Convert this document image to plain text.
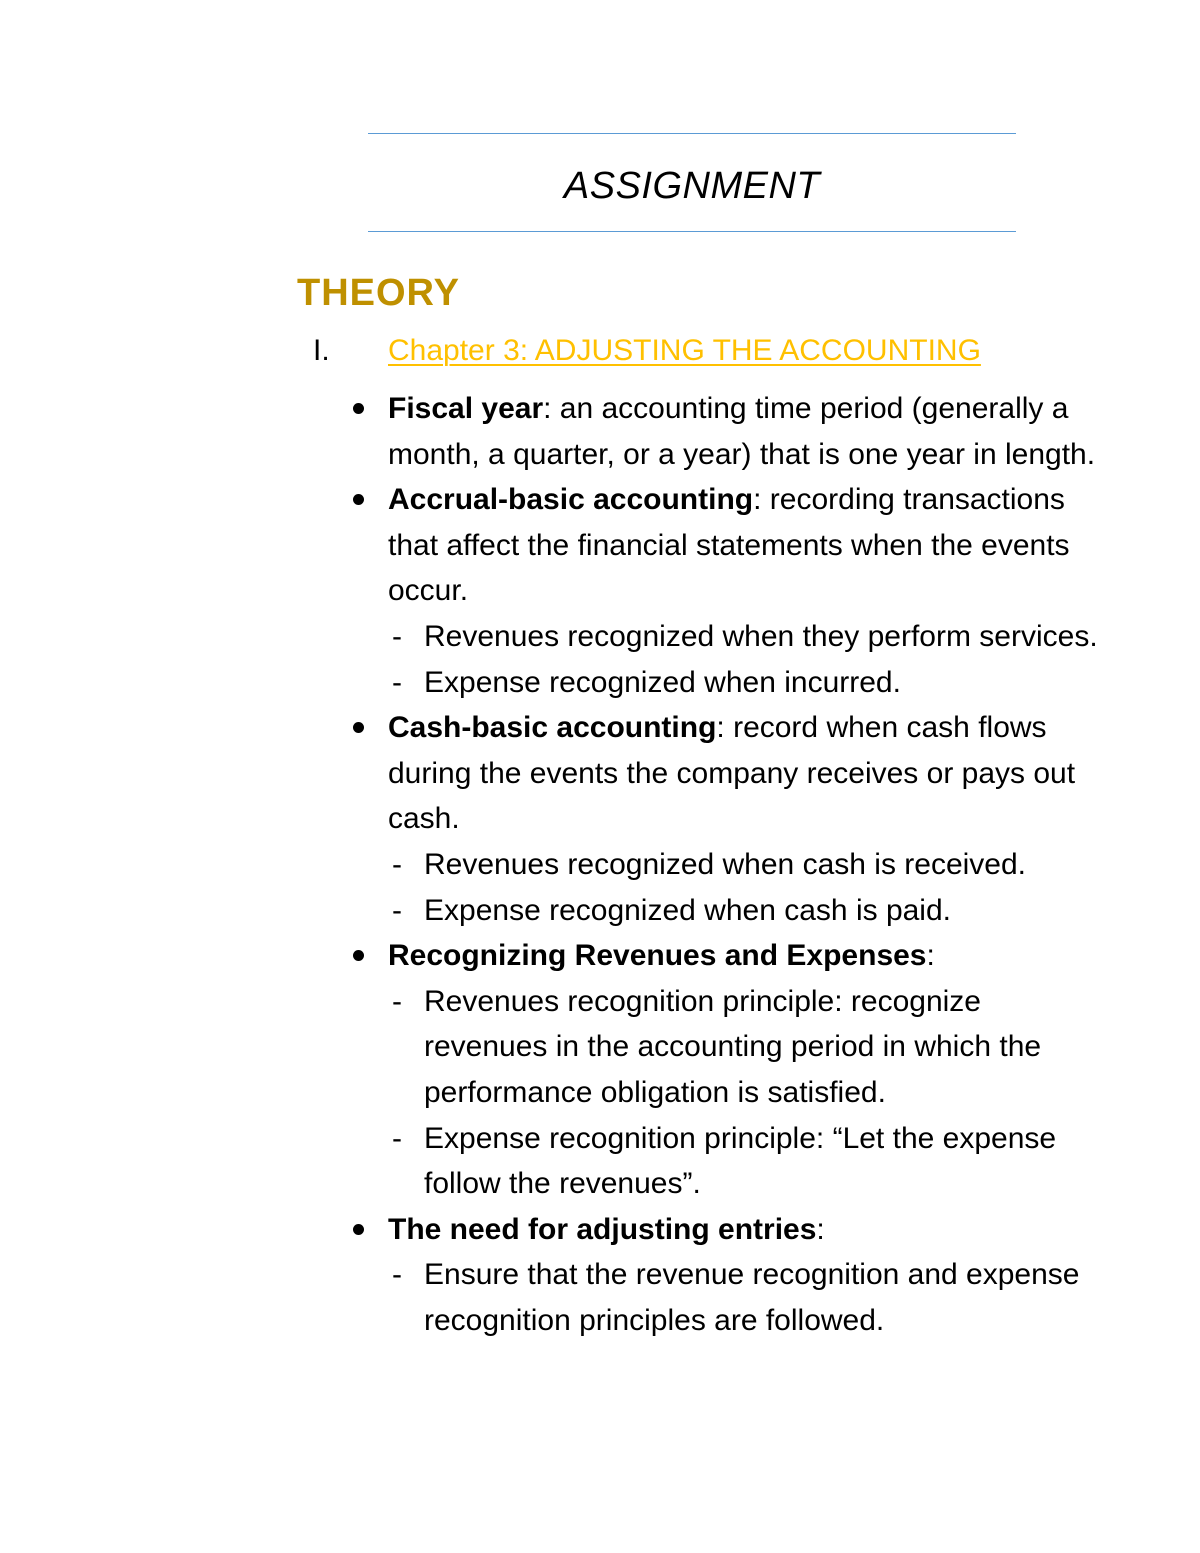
ASSIGNMENT
THEORY
I. Chapter 3: ADJUSTING THE ACCOUNTING
Fiscal year: an accounting time period (generally a month, a quarter, or a year) that is one year in length.
Accrual-basic accounting: recording transactions that affect the financial statements when the events occur.
- Revenues recognized when they perform services.
- Expense recognized when incurred.
Cash-basic accounting: record when cash flows during the events the company receives or pays out cash.
- Revenues recognized when cash is received.
- Expense recognized when cash is paid.
Recognizing Revenues and Expenses:
- Revenues recognition principle: recognize revenues in the accounting period in which the performance obligation is satisfied.
- Expense recognition principle: “Let the expense follow the revenues”.
The need for adjusting entries:
- Ensure that the revenue recognition and expense recognition principles are followed.
